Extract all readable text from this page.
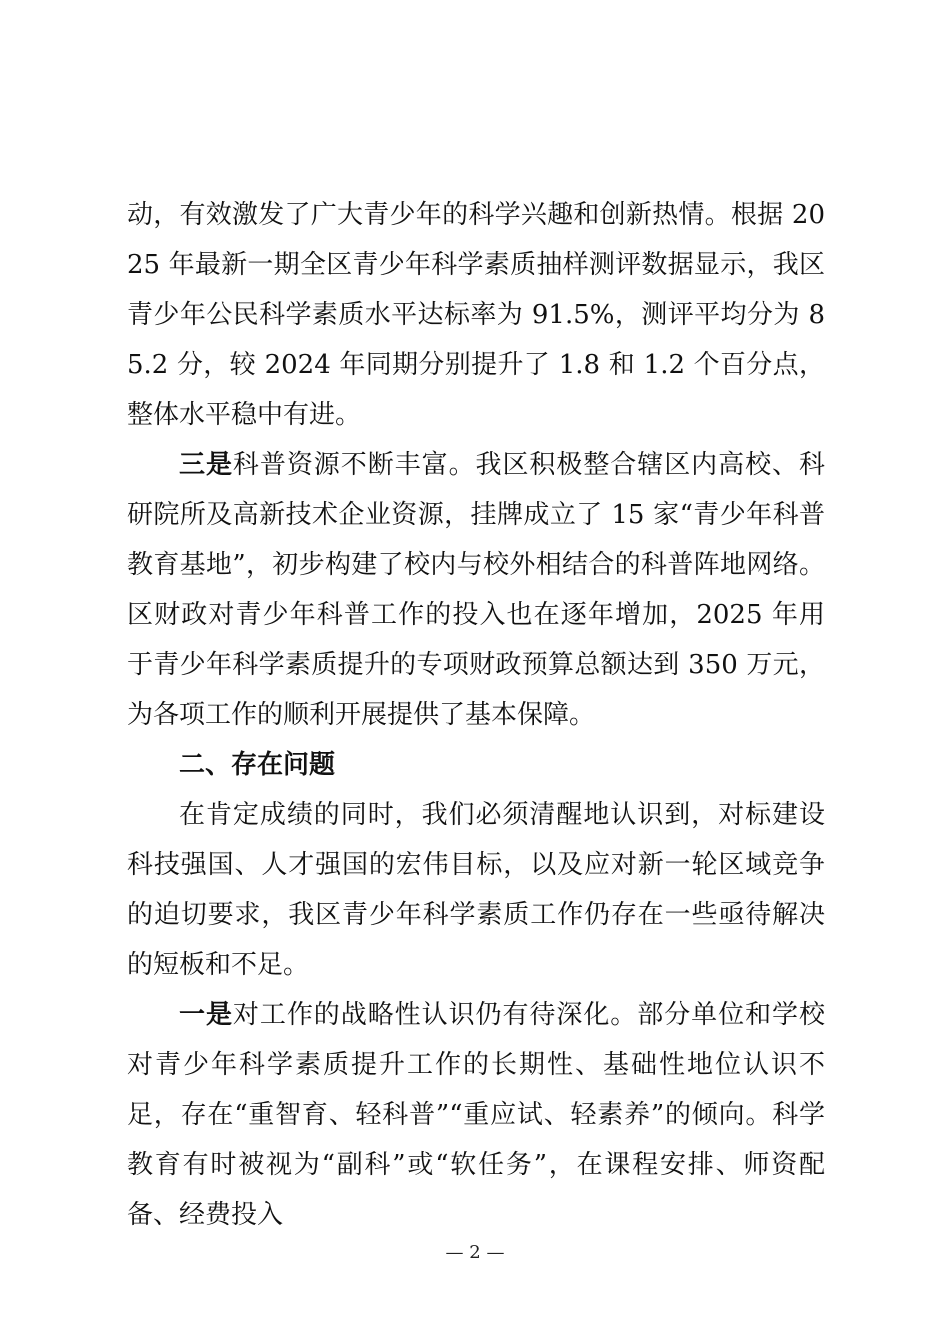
动，有效激发了广大青少年的科学兴趣和创新热情。根据 2025 年最新一期全区青少年科学素质抽样测评数据显示，我区青少年公民科学素质水平达标率为 91.5%，测评平均分为 85.2 分，较 2024 年同期分别提升了 1.8 和 1.2 个百分点，整体水平稳中有进。

三是科普资源不断丰富。我区积极整合辖区内高校、科研院所及高新技术企业资源，挂牌成立了 15 家“青少年科普教育基地”，初步构建了校内与校外相结合的科普阵地网络。区财政对青少年科普工作的投入也在逐年增加，2025 年用于青少年科学素质提升的专项财政预算总额达到 350 万元，为各项工作的顺利开展提供了基本保障。

二、存在问题

在肯定成绩的同时，我们必须清醒地认识到，对标建设科技强国、人才强国的宏伟目标，以及应对新一轮区域竞争的迫切要求，我区青少年科学素质工作仍存在一些亟待解决的短板和不足。

一是对工作的战略性认识仍有待深化。部分单位和学校对青少年科学素质提升工作的长期性、基础性地位认识不足，存在“重智育、轻科普”“重应试、轻素养”的倾向。科学教育有时被视为“副科”或“软任务”，在课程安排、师资配备、经费投入

— 2 —
